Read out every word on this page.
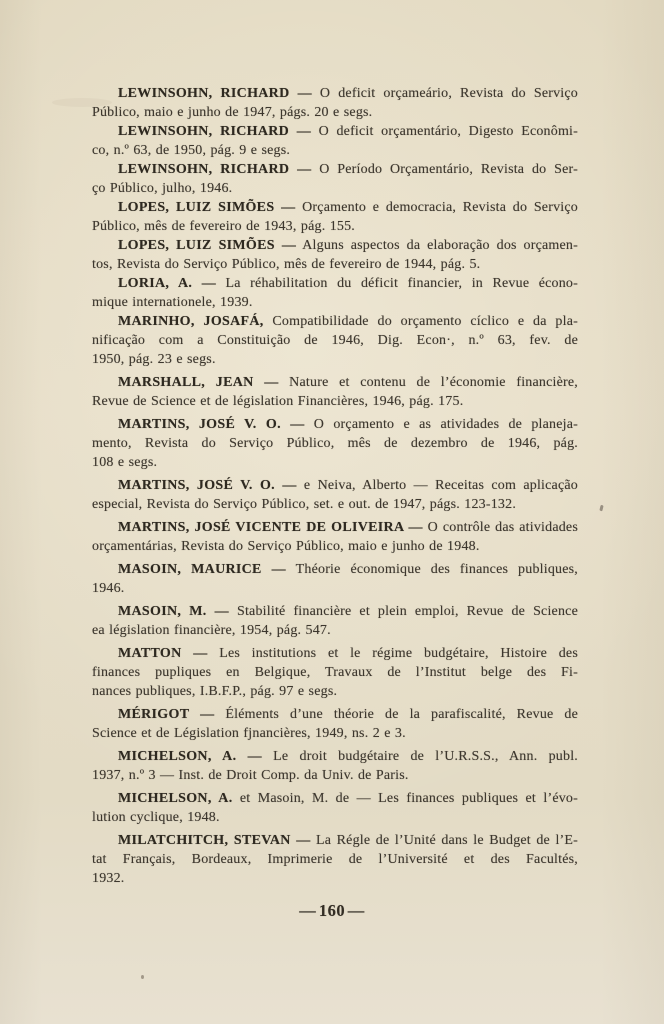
LEWINSOHN, RICHARD — O deficit orçameário, Revista do Serviço
Público, maio e junho de 1947, págs. 20 e segs.
LEWINSOHN, RICHARD — O deficit orçamentário, Digesto Econômi-
co, n.º 63, de 1950, pág. 9 e segs.
LEWINSOHN, RICHARD — O Período Orçamentário, Revista do Ser-
ço Público, julho, 1946.
LOPES, LUIZ SIMÕES — Orçamento e democracia, Revista do Serviço
Público, mês de fevereiro de 1943, pág. 155.
LOPES, LUIZ SIMÕES — Alguns aspectos da elaboração dos orçamen-
tos, Revista do Serviço Público, mês de fevereiro de 1944, pág. 5.
LORIA, A. — La réhabilitation du déficit financier, in Revue écono-
mique internationele, 1939.
MARINHO, JOSAFÁ, Compatibilidade do orçamento cíclico e da pla-
nificação com a Constituição de 1946, Dig. Econ·, n.º 63, fev. de
1950, pág. 23 e segs.
MARSHALL, JEAN — Nature et contenu de l’économie financière,
Revue de Science et de législation Financières, 1946, pág. 175.
MARTINS, JOSÉ V. O. — O orçamento e as atividades de planeja-
mento, Revista do Serviço Público, mês de dezembro de 1946, pág.
108 e segs.
MARTINS, JOSÉ V. O. — e Neiva, Alberto — Receitas com aplicação
especial, Revista do Serviço Público, set. e out. de 1947, págs. 123-132.
MARTINS, JOSÉ VICENTE DE OLIVEIRA — O contrôle das atividades
orçamentárias, Revista do Serviço Público, maio e junho de 1948.
MASOIN, MAURICE — Théorie économique des finances publiques,
1946.
MASOIN, M. — Stabilité financière et plein emploi, Revue de Science
ea législation financière, 1954, pág. 547.
MATTON — Les institutions et le régime budgétaire, Histoire des
finances pupliques en Belgique, Travaux de l’Institut belge des Fi-
nances publiques, I.B.F.P., pág. 97 e segs.
MÉRIGOT — Éléments d’une théorie de la parafiscalité, Revue de
Science et de Législation fjnancières, 1949, ns. 2 e 3.
MICHELSON, A. — Le droit budgétaire de l’U.R.S.S., Ann. publ.
1937, n.º 3 — Inst. de Droit Comp. da Univ. de Paris.
MICHELSON, A. et Masoin, M. de — Les finances publiques et l’évo-
lution cyclique, 1948.
MILATCHITCH, STEVAN — La Régle de l’Unité dans le Budget de l’E-
tat Français, Bordeaux, Imprimerie de l’Université et des Facultés,
1932.
— 160 —
